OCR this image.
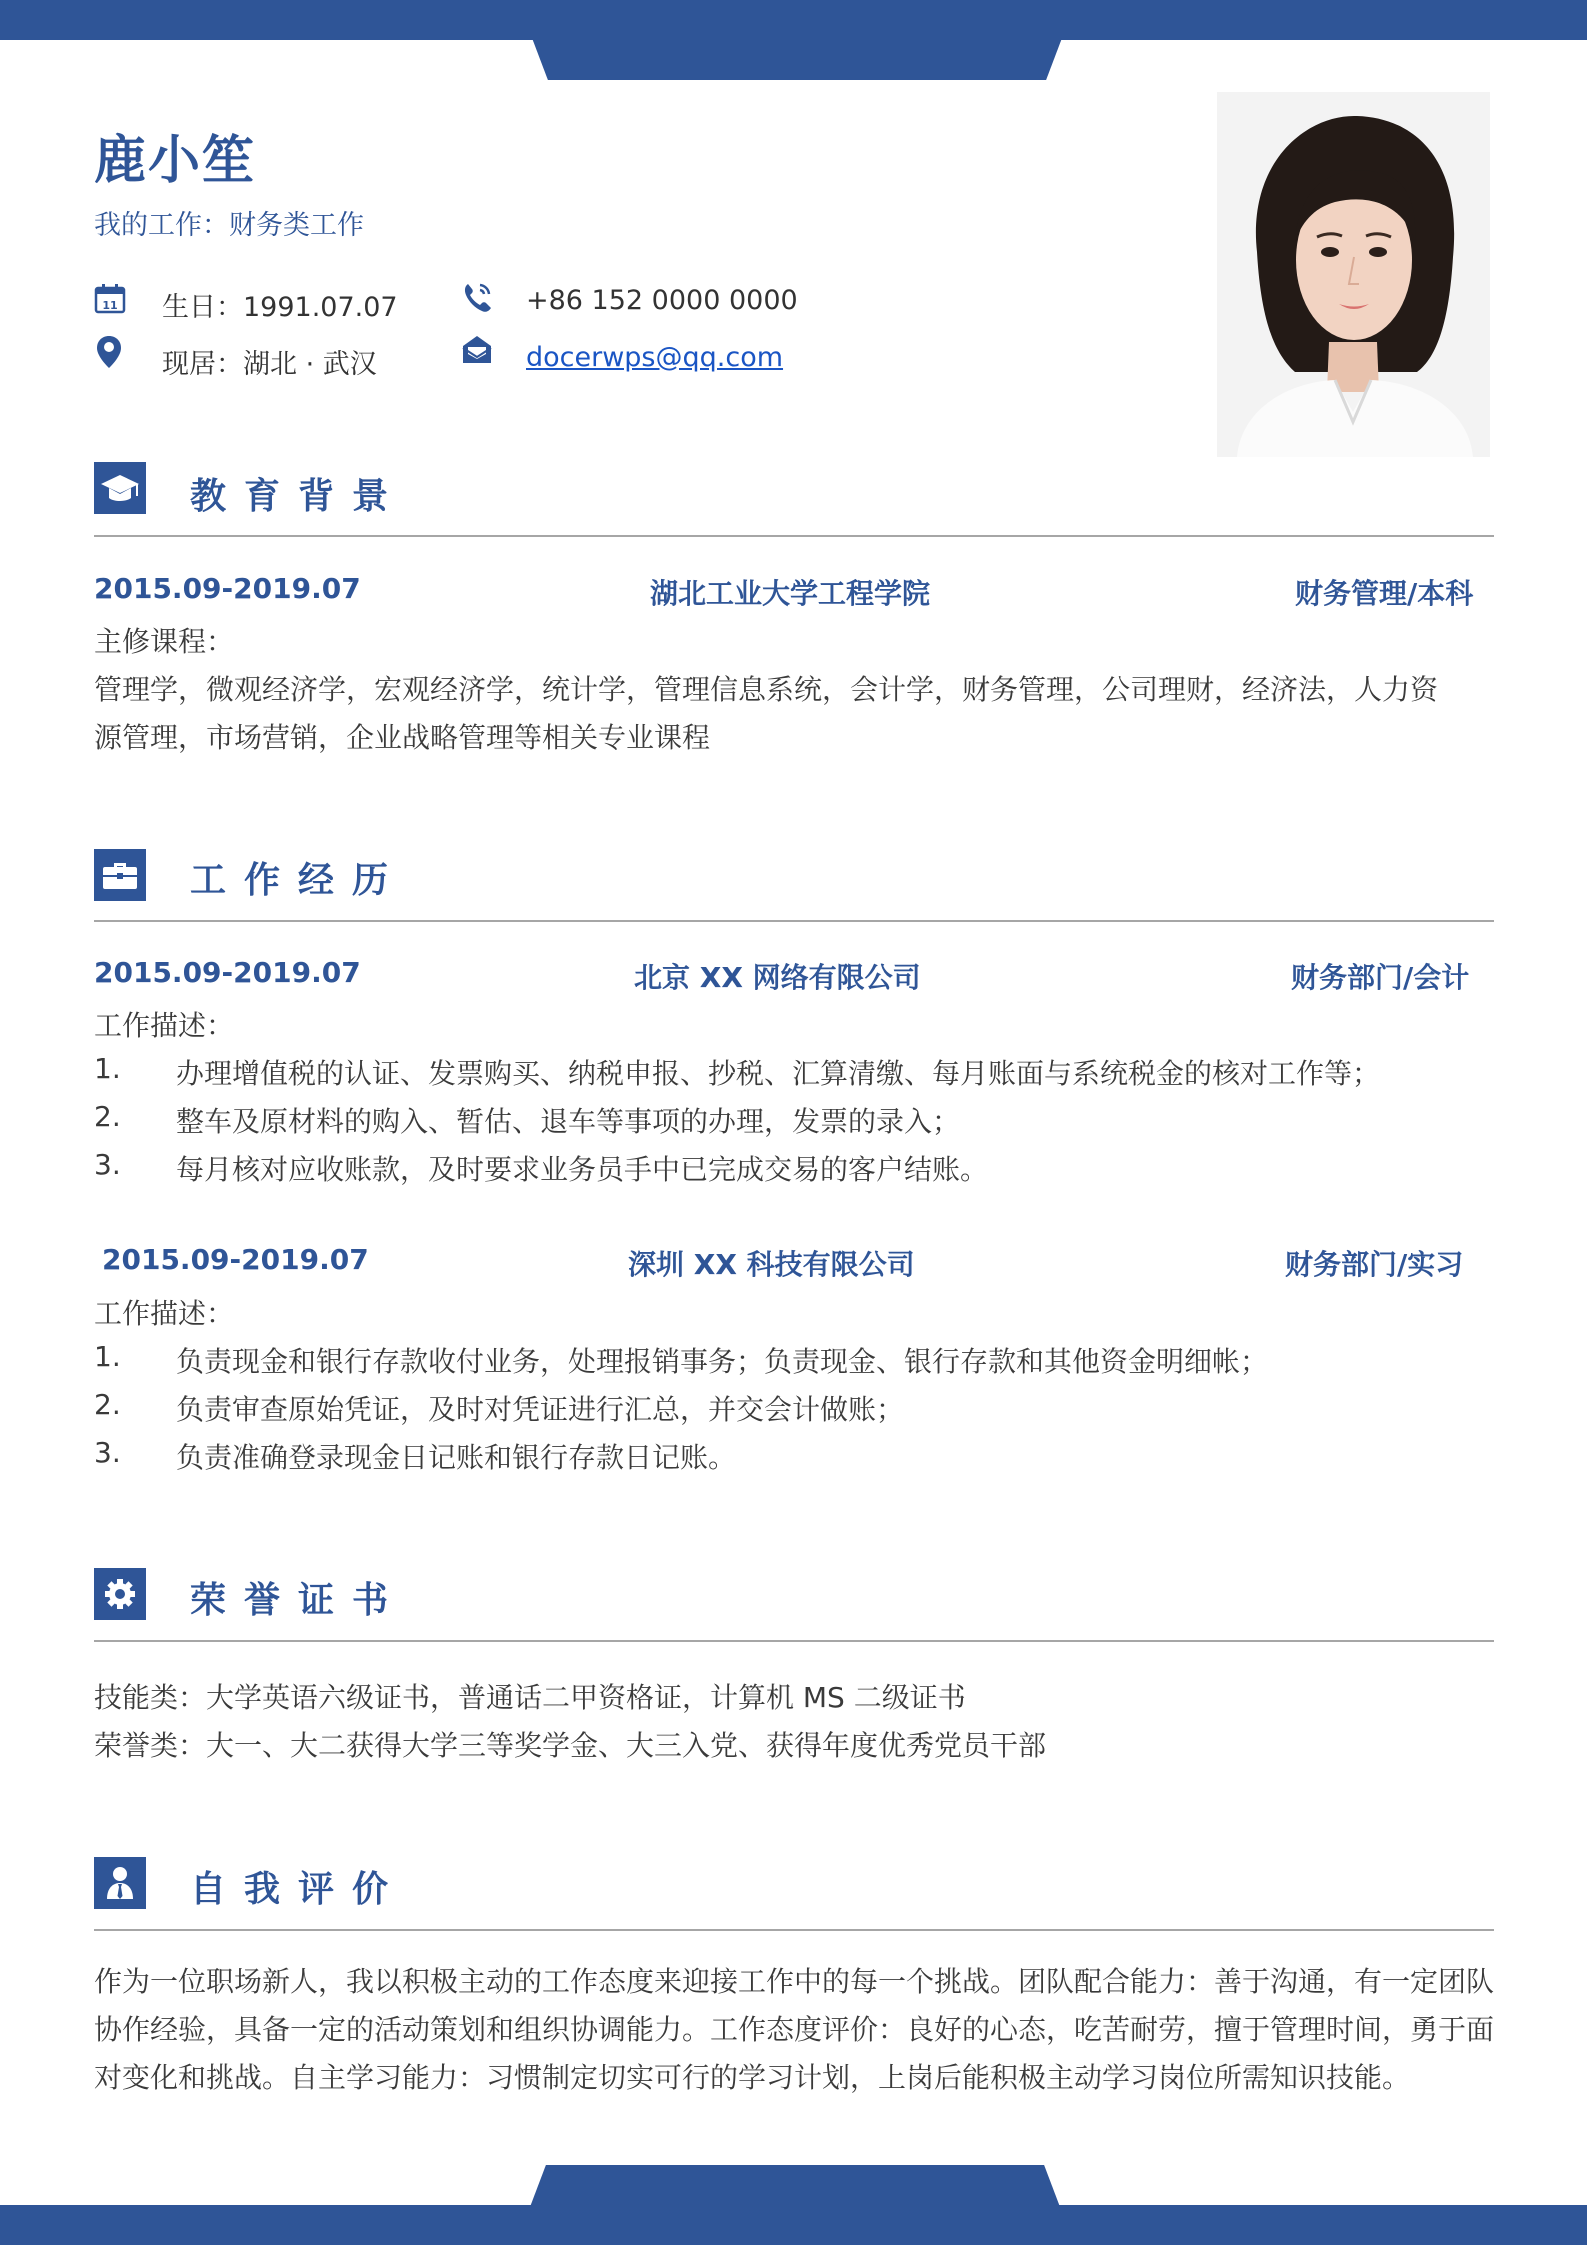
鹿小笙
我的工作：财务类工作
11 生日：1991.07.07	+86 152 0000 0000
现居：湖北 · 武汉	docerwps@qq.com
教育背景
2015.09-2019.07	湖北工业大学工程学院	财务管理/本科
主修课程：
管理学，微观经济学，宏观经济学，统计学，管理信息系统，会计学，财务管理，公司理财，经济法，人力资
源管理，市场营销，企业战略管理等相关专业课程
工作经历
2015.09-2019.07	北京 XX 网络有限公司	财务部门/会计
工作描述：
1. 办理增值税的认证、发票购买、纳税申报、抄税、汇算清缴、每月账面与系统税金的核对工作等；
2. 整车及原材料的购入、暂估、退车等事项的办理，发票的录入；
3. 每月核对应收账款，及时要求业务员手中已完成交易的客户结账。
2015.09-2019.07	深圳 XX 科技有限公司	财务部门/实习
工作描述：
1. 负责现金和银行存款收付业务，处理报销事务；负责现金、银行存款和其他资金明细帐；
2. 负责审查原始凭证，及时对凭证进行汇总，并交会计做账；
3. 负责准确登录现金日记账和银行存款日记账。
荣誉证书
技能类：大学英语六级证书，普通话二甲资格证，计算机 MS 二级证书
荣誉类：大一、大二获得大学三等奖学金、大三入党、获得年度优秀党员干部
自我评价
作为一位职场新人，我以积极主动的工作态度来迎接工作中的每一个挑战。团队配合能力：善于沟通，有一定团队协作经验，具备一定的活动策划和组织协调能力。工作态度评价：良好的心态，吃苦耐劳，擅于管理时间，勇于面对变化和挑战。自主学习能力：习惯制定切实可行的学习计划，上岗后能积极主动学习岗位所需知识技能。
